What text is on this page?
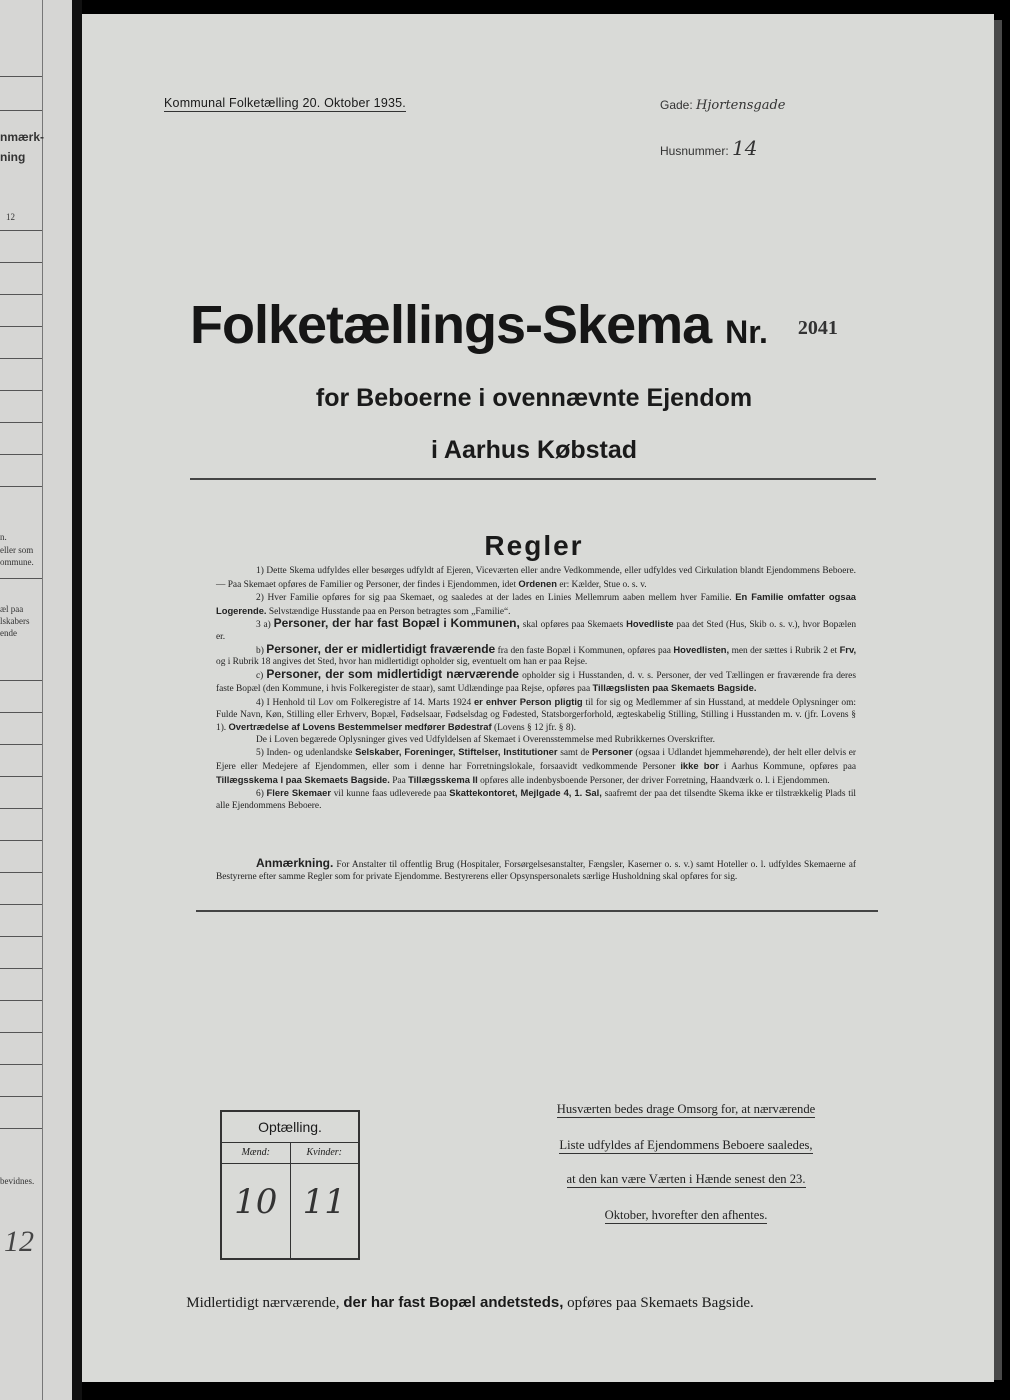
nmærk-
ning
12
n.
eller som
ommune.
æl paa
lskabers
ende
bevidnes.
12
Kommunal Folketælling 20. Oktober 1935.	Gade: Hjortensgade
Husnummer: 14
Folketællings-Skema Nr. 2041
for Beboerne i ovennævnte Ejendom
i Aarhus Købstad
Regler

1) Dette Skema udfyldes eller besørges udfyldt af Ejeren, Viceværten eller andre Vedkommende, eller udfyldes ved Cirkulation blandt Ejendommens Beboere. — Paa Skemaet opføres de Familier og Personer, der findes i Ejendommen, idet Ordenen er: Kælder, Stue o. s. v.

2) Hver Familie opføres for sig paa Skemaet, og saaledes at der lades en Linies Mellemrum aaben mellem hver Familie. En Familie omfatter ogsaa Logerende. Selvstændige Husstande paa en Person betragtes som „Familie“.

3 a) Personer, der har fast Bopæl i Kommunen, skal opføres paa Skemaets Hovedliste paa det Sted (Hus, Skib o. s. v.), hvor Bopælen er.

b) Personer, der er midlertidigt fraværende fra den faste Bopæl i Kommunen, opføres paa Hovedlisten, men der sættes i Rubrik 2 et Frv, og i Rubrik 18 angives det Sted, hvor han midlertidigt opholder sig, eventuelt om han er paa Rejse.

c) Personer, der som midlertidigt nærværende opholder sig i Husstanden, d. v. s. Personer, der ved Tællingen er fraværende fra deres faste Bopæl (den Kommune, i hvis Folkeregister de staar), samt Udlændinge paa Rejse, opføres paa Tillægslisten paa Skemaets Bagside.

4) I Henhold til Lov om Folkeregistre af 14. Marts 1924 er enhver Person pligtig til for sig og Medlemmer af sin Husstand, at meddele Oplysninger om: Fulde Navn, Køn, Stilling eller Erhverv, Bopæl, Fødselsaar, Fødselsdag og Fødested, Statsborgerforhold, ægteskabelig Stilling, Stilling i Husstanden m. v. (jfr. Lovens § 1). Overtrædelse af Lovens Bestemmelser medfører Bødestraf (Lovens § 12 jfr. § 8).

De i Loven begærede Oplysninger gives ved Udfyldelsen af Skemaet i Overensstemmelse med Rubrikkernes Overskrifter.

5) Inden- og udenlandske Selskaber, Foreninger, Stiftelser, Institutioner samt de Personer (ogsaa i Udlandet hjemmehørende), der helt eller delvis er Ejere eller Medejere af Ejendommen, eller som i denne har Forretningslokale, forsaavidt vedkommende Personer ikke bor i Aarhus Kommune, opføres paa Tillægsskema I paa Skemaets Bagside. Paa Tillægsskema II opføres alle indenbysboende Personer, der driver Forretning, Haandværk o. l. i Ejendommen.

6) Flere Skemaer vil kunne faas udleverede paa Skattekontoret, Mejlgade 4, 1. Sal, saafremt der paa det tilsendte Skema ikke er tilstrækkelig Plads til alle Ejendommens Beboere.

Anmærkning. For Anstalter til offentlig Brug (Hospitaler, Forsørgelsesanstalter, Fængsler, Kaserner o. s. v.) samt Hoteller o. l. udfyldes Skemaerne af Bestyrerne efter samme Regler som for private Ejendomme. Bestyrerens eller Opsynspersonalets særlige Husholdning skal opføres for sig.

Optælling.
Mænd:
10
Kvinder:
11
Husværten bedes drage Omsorg for, at nærværende
Liste udfyldes af Ejendommens Beboere saaledes,
at den kan være Værten i Hænde senest den 23.
Oktober, hvorefter den afhentes.
Midlertidigt nærværende, der har fast Bopæl andetsteds, opføres paa Skemaets Bagside.
